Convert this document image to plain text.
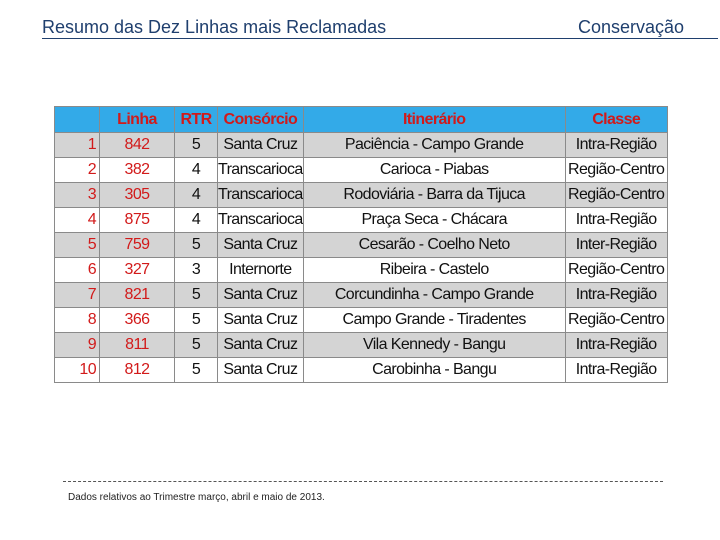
Resumo das Dez Linhas mais Reclamadas	Conservação
	Linha	RTR	Consórcio	Itinerário	Classe
1	842	5	Santa Cruz	Paciência - Campo Grande	Intra-Região
2	382	4	Transcarioca	Carioca - Piabas	Região-Centro
3	305	4	Transcarioca	Rodoviária - Barra da Tijuca	Região-Centro
4	875	4	Transcarioca	Praça Seca - Chácara	Intra-Região
5	759	5	Santa Cruz	Cesarão - Coelho Neto	Inter-Região
6	327	3	Internorte	Ribeira - Castelo	Região-Centro
7	821	5	Santa Cruz	Corcundinha - Campo Grande	Intra-Região
8	366	5	Santa Cruz	Campo Grande - Tiradentes	Região-Centro
9	811	5	Santa Cruz	Vila Kennedy - Bangu	Intra-Região
10	812	5	Santa Cruz	Carobinha - Bangu	Intra-Região
Dados relativos ao Trimestre março, abril e maio de 2013.
